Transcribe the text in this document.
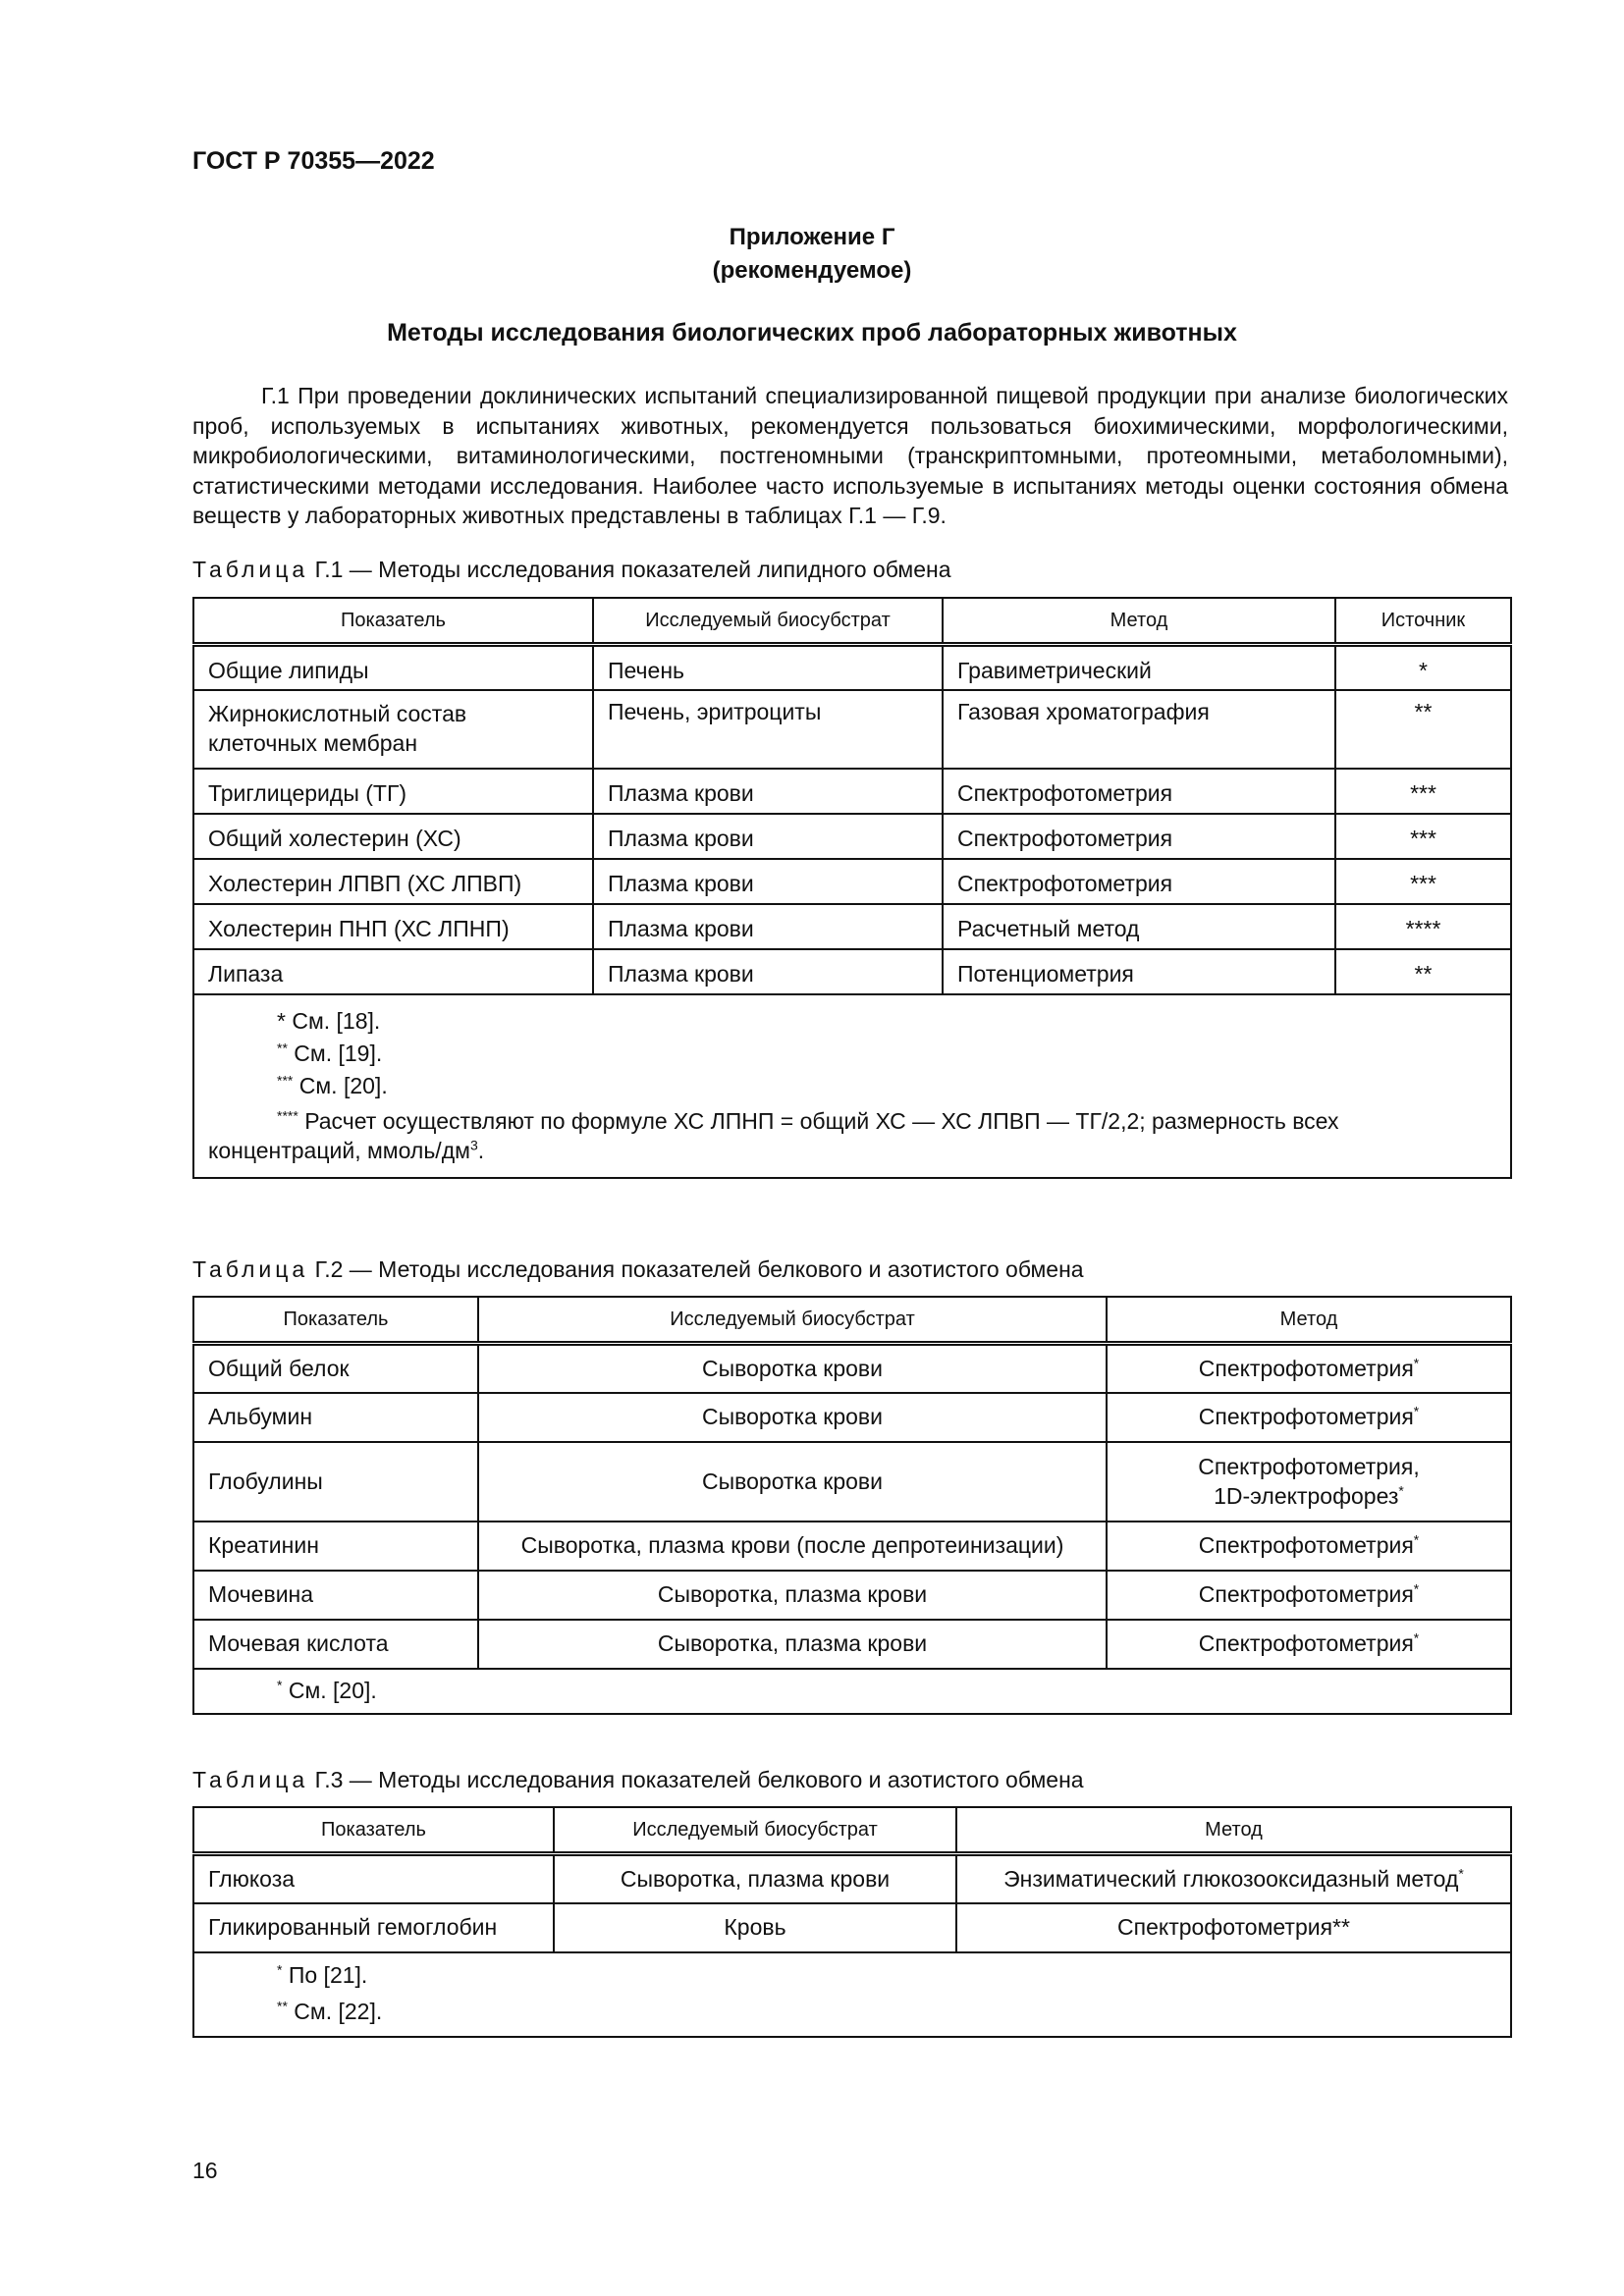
ГОСТ Р 70355—2022
Приложение Г
(рекомендуемое)
Методы исследования биологических проб лабораторных животных

Г.1 При проведении доклинических испытаний специализированной пищевой продукции при анализе биологических проб, используемых в испытаниях животных, рекомендуется пользоваться биохимическими, морфологическими, микробиологическими, витаминологическими, постгеномными (транскриптомными, протеомными, метаболомными), статистическими методами исследования. Наиболее часто используемые в испытаниях методы оценки состояния обмена веществ у лабораторных животных представлены в таблицах Г.1 — Г.9.

Таблица Г.1 — Методы исследования показателей липидного обмена

Показатель	Исследуемый биосубстрат	Метод	Источник
Общие липиды	Печень	Гравиметрический	*
Жирнокислотный состав клеточных мембран	Печень, эритроциты	Газовая хроматография	**
Триглицериды (ТГ)	Плазма крови	Спектрофотометрия	***
Общий холестерин (ХС)	Плазма крови	Спектрофотометрия	***
Холестерин ЛПВП (ХС ЛПВП)	Плазма крови	Спектрофотометрия	***
Холестерин ПНП (ХС ЛПНП)	Плазма крови	Расчетный метод	****
Липаза	Плазма крови	Потенциометрия	**

* См. [18].
** См. [19].
*** См. [20].
**** Расчет осуществляют по формуле ХС ЛПНП = общий ХС — ХС ЛПВП — ТГ/2,2; размерность всех концентраций, ммоль/$дм^3$.			

Таблица Г.2 — Методы исследования показателей белкового и азотистого обмена

Показатель	Исследуемый биосубстрат	Метод
Общий белок	Сыворотка крови	Спектрофотометрия*
Альбумин	Сыворотка крови	Спектрофотометрия*
Глобулины	Сыворотка крови	Спектрофотометрия,
1D-электрофорез*
Креатинин	Сыворотка, плазма крови (после депротеинизации)	Спектрофотометрия*
Мочевина	Сыворотка, плазма крови	Спектрофотометрия*
Мочевая кислота	Сыворотка, плазма крови	Спектрофотометрия*

* См. [20].		

Таблица Г.3 — Методы исследования показателей белкового и азотистого обмена

Показатель	Исследуемый биосубстрат	Метод
Глюкоза	Сыворотка, плазма крови	Энзиматический глюкозооксидазный метод*
Гликированный гемоглобин	Кровь	Спектрофотометрия**

* По [21].
** См. [22].		
16
